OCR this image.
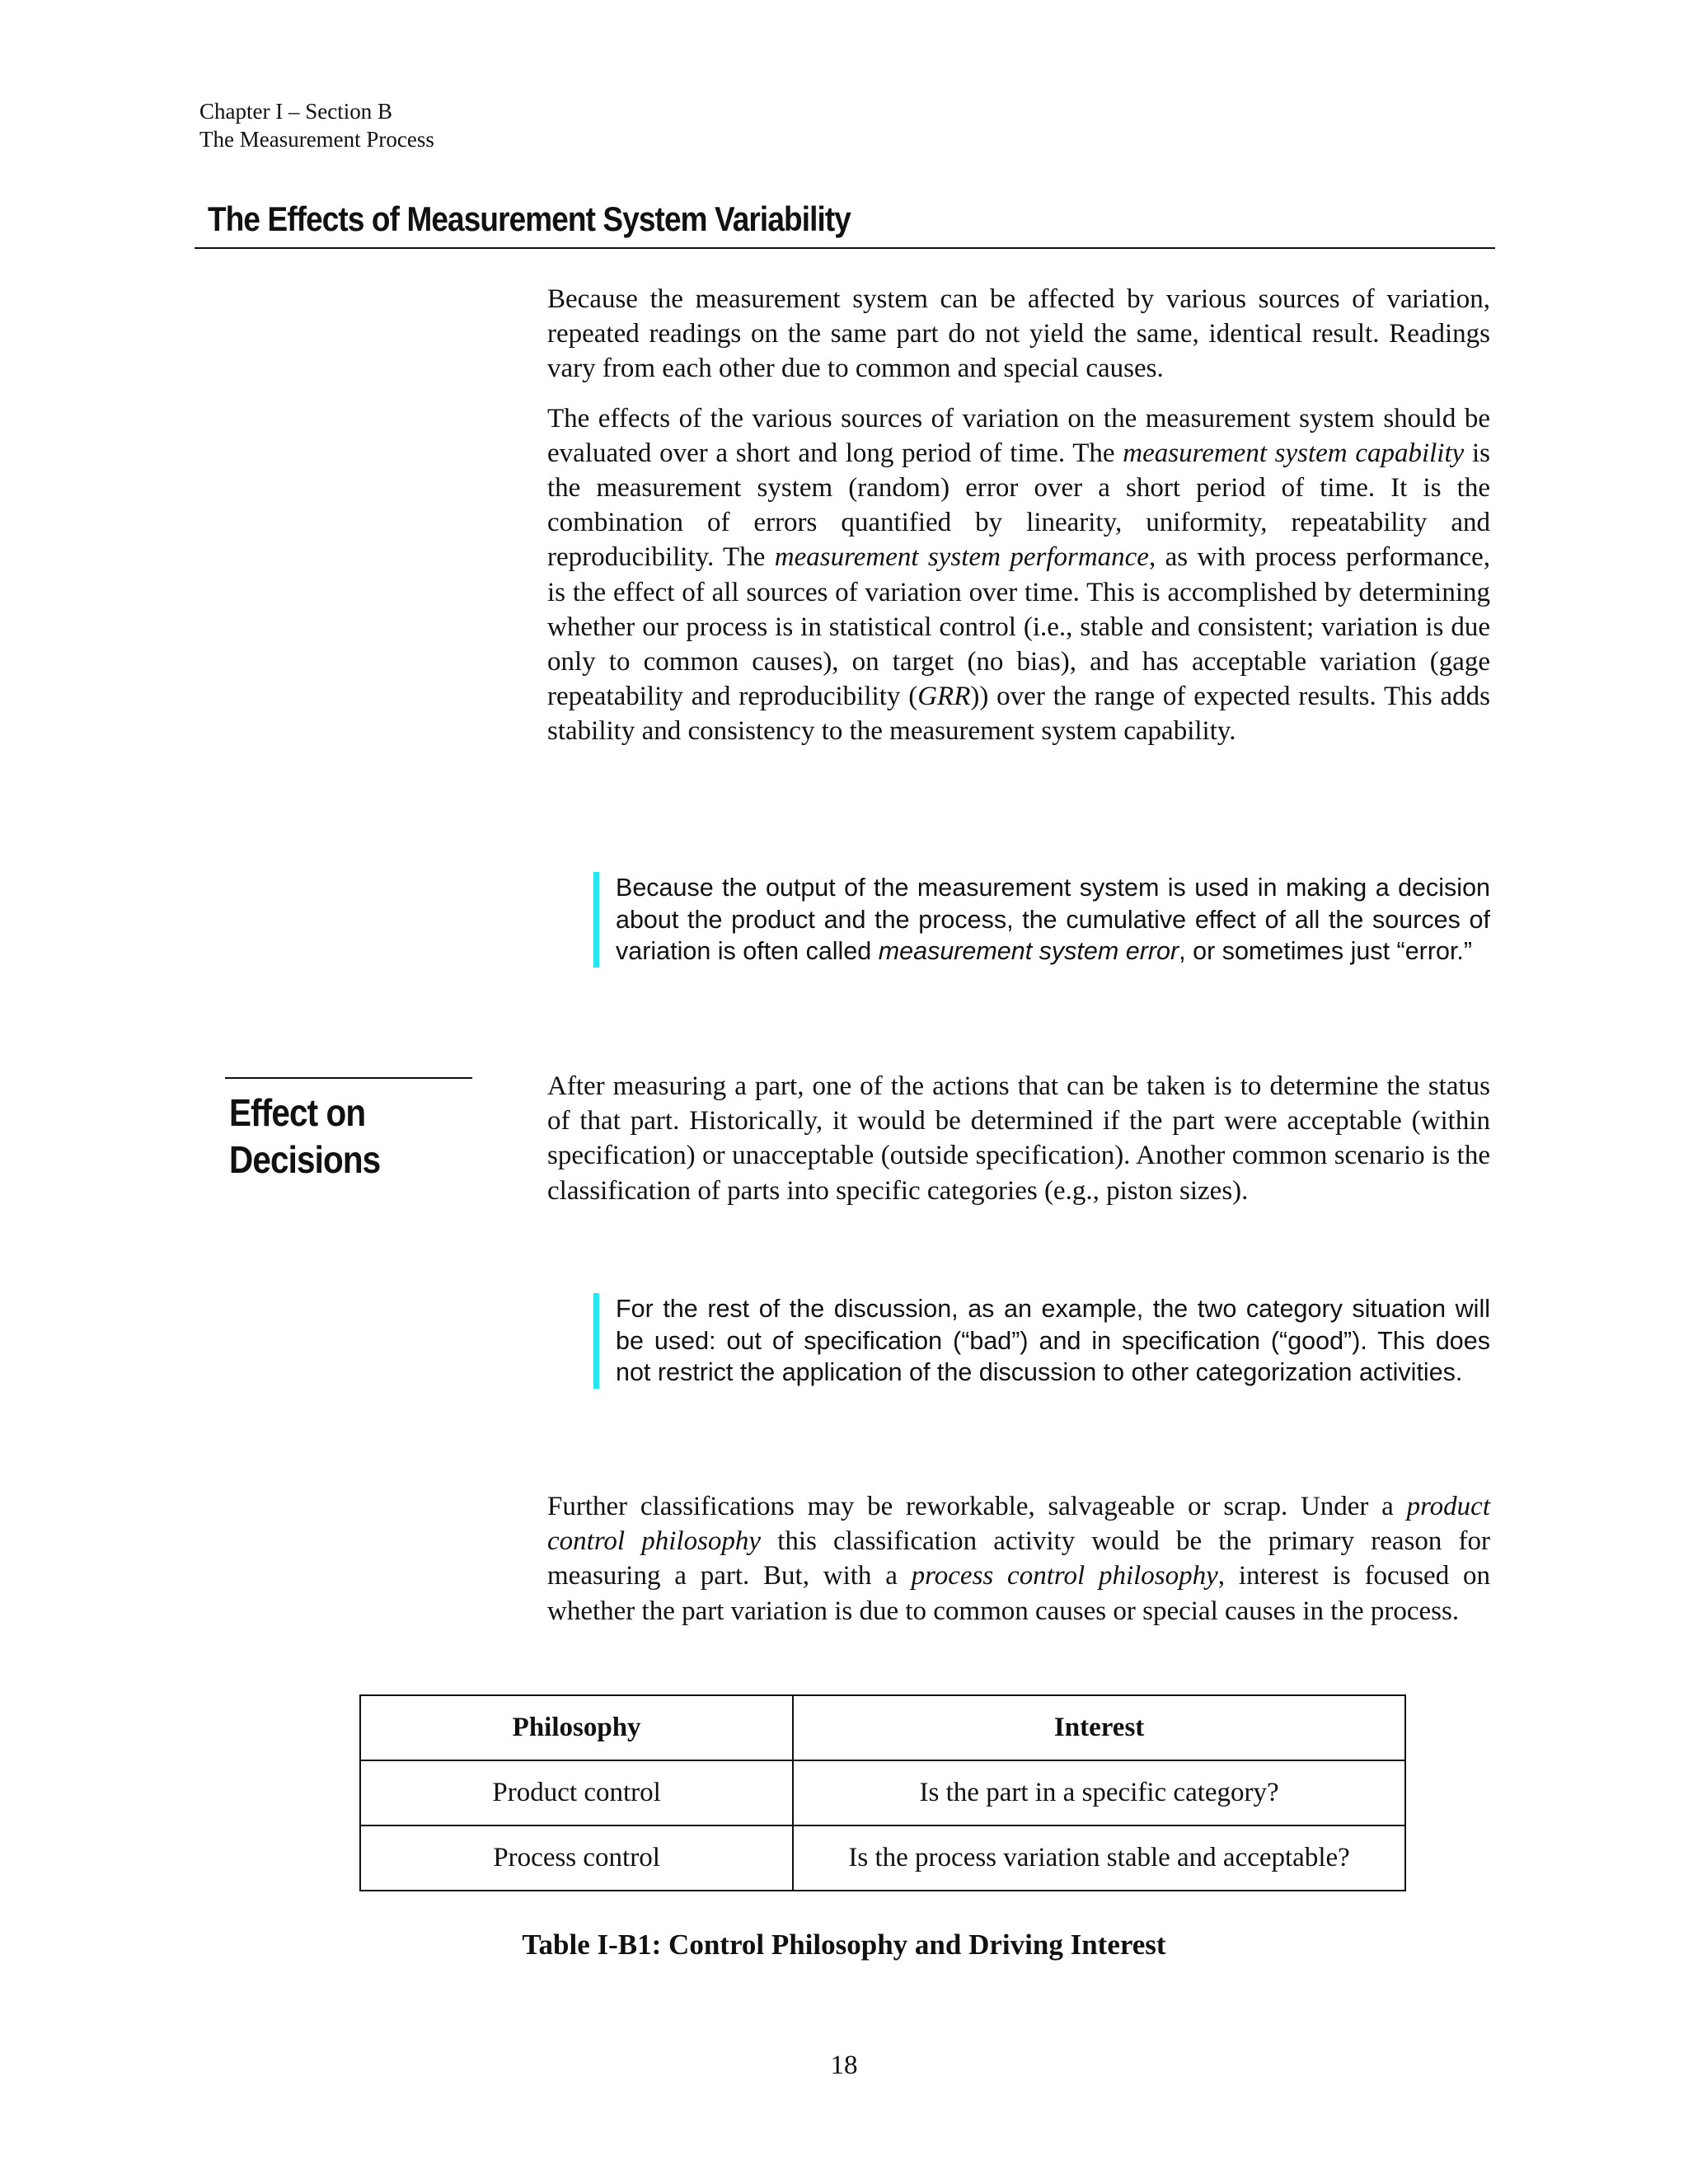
Chapter I – Section B
The Measurement Process
The Effects of Measurement System Variability

Because the measurement system can be affected by various sources of variation, repeated readings on the same part do not yield the same, identical result. Readings vary from each other due to common and special causes.

The effects of the various sources of variation on the measurement system should be evaluated over a short and long period of time. The measurement system capability is the measurement system (random) error over a short period of time. It is the combination of errors quantified by linearity, uniformity, repeatability and reproducibility. The measurement system performance, as with process performance, is the effect of all sources of variation over time. This is accomplished by determining whether our process is in statistical control (i.e., stable and consistent; variation is due only to common causes), on target (no bias), and has acceptable variation (gage repeatability and reproducibility (GRR)) over the range of expected results. This adds stability and consistency to the measurement system capability.

Because the output of the measurement system is used in making a decision about the product and the process, the cumulative effect of all the sources of variation is often called measurement system error, or sometimes just “error.”
Effect on
Decisions

After measuring a part, one of the actions that can be taken is to determine the status of that part. Historically, it would be determined if the part were acceptable (within specification) or unacceptable (outside specification). Another common scenario is the classification of parts into specific categories (e.g., piston sizes).

For the rest of the discussion, as an example, the two category situation will be used: out of specification (“bad”) and in specification (“good”). This does not restrict the application of the discussion to other categorization activities.

Further classifications may be reworkable, salvageable or scrap. Under a product control philosophy this classification activity would be the primary reason for measuring a part. But, with a process control philosophy, interest is focused on whether the part variation is due to common causes or special causes in the process.

Philosophy	Interest
Product control	Is the part in a specific category?
Process control	Is the process variation stable and acceptable?
Table I-B1: Control Philosophy and Driving Interest
18
